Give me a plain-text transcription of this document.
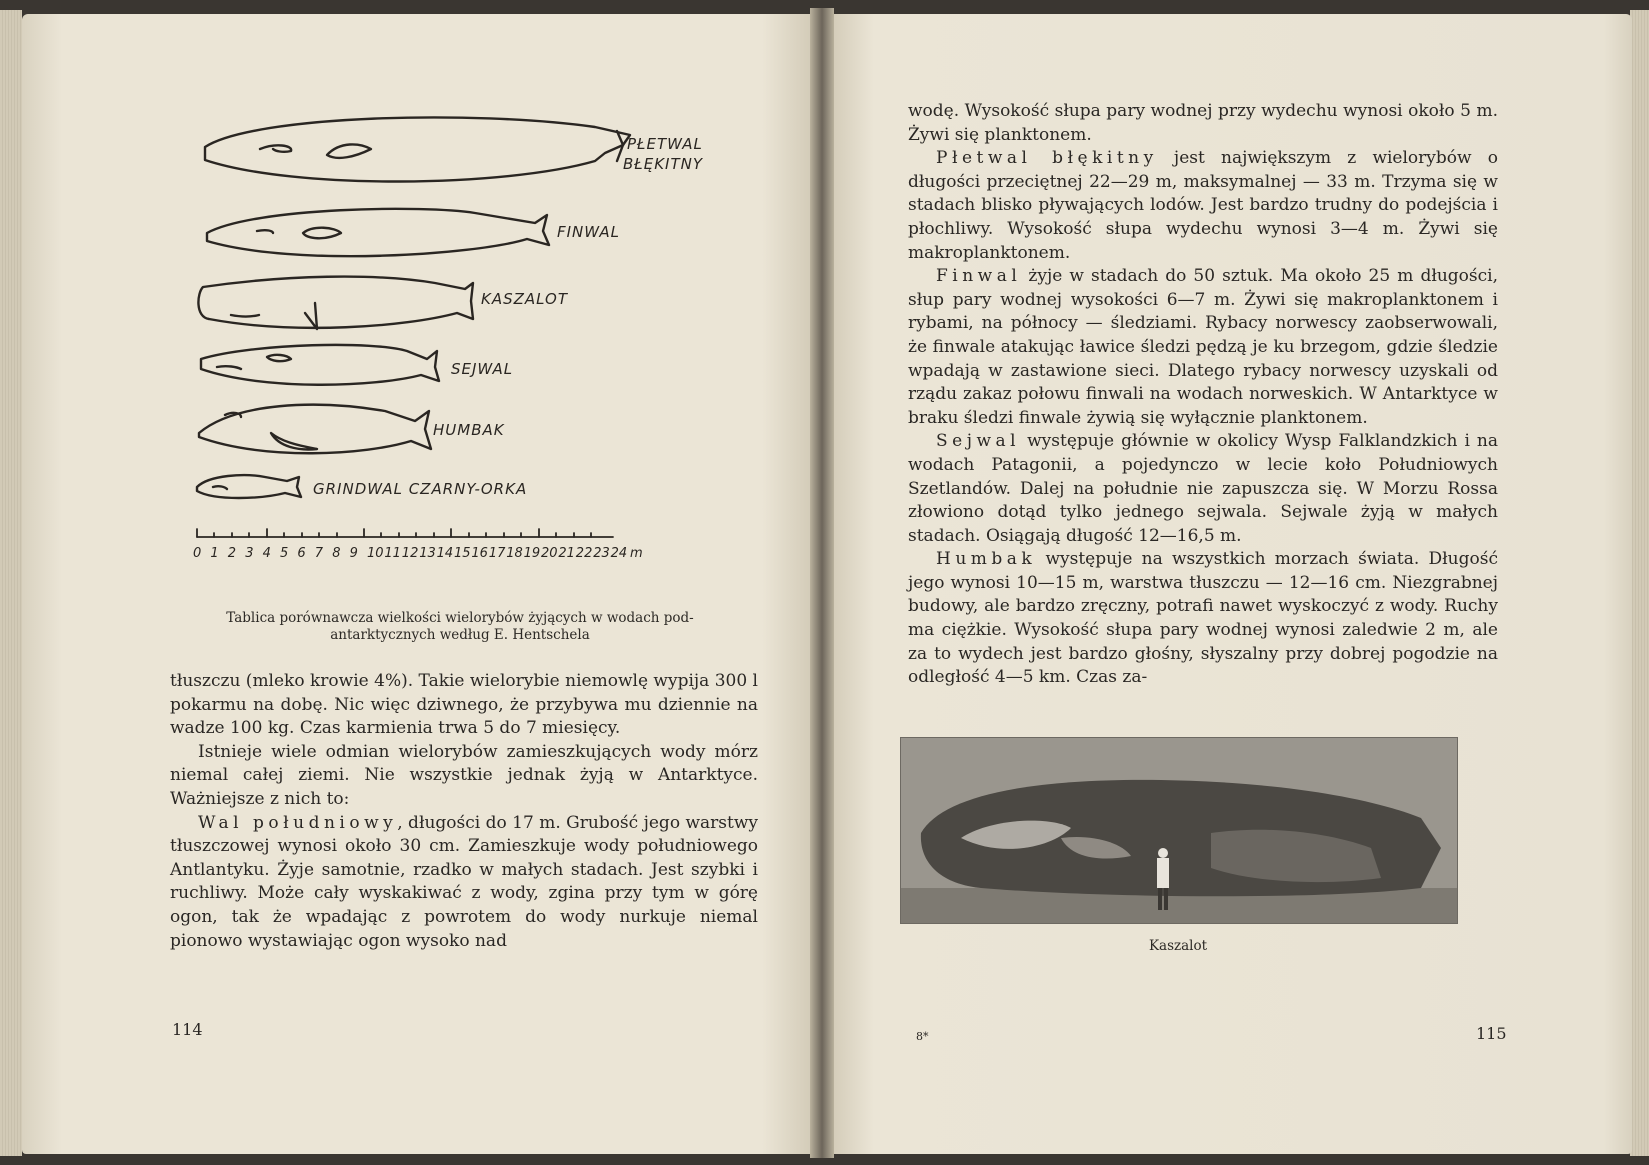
PŁETWAL BŁĘKITNY
FINWAL
KASZALOT
SEJWAL
HUMBAK
GRINDWAL CZARNY-ORKA
0 1 2 3 4 5 6 7 8 9 10 11 12 13 14 15 16 17 18 19 20 21 22 23 24 m
Tablica porównawcza wielkości wielorybów żyjących w wodach pod-
antarktycznych według E. Hentschela

tłuszczu (mleko krowie 4%). Takie wielorybie niemowlę wypija 300 l pokarmu na dobę. Nic więc dziwnego, że przybywa mu dziennie na wadze 100 kg. Czas karmienia trwa 5 do 7 miesięcy.

Istnieje wiele odmian wielorybów zamieszkujących wody mórz niemal całej ziemi. Nie wszystkie jednak żyją w Antarktyce. Ważniejsze z nich to:

Wal południowy, długości do 17 m. Grubość jego warstwy tłuszczowej wynosi około 30 cm. Zamieszkuje wody południowego Antlantyku. Żyje samotnie, rzadko w małych stadach. Jest szybki i ruchliwy. Może cały wyskakiwać z wody, zgina przy tym w górę ogon, tak że wpadając z powrotem do wody nurkuje niemal pionowo wystawiając ogon wysoko nad

114

wodę. Wysokość słupa pary wodnej przy wydechu wynosi około 5 m. Żywi się planktonem.

Płetwal błękitny jest największym z wielorybów o długości przeciętnej 22—29 m, maksymalnej — 33 m. Trzyma się w stadach blisko pływających lodów. Jest bardzo trudny do podejścia i płochliwy. Wysokość słupa wydechu wynosi 3—4 m. Żywi się makroplanktonem.

Finwal żyje w stadach do 50 sztuk. Ma około 25 m długości, słup pary wodnej wysokości 6—7 m. Żywi się makroplanktonem i rybami, na północy — śledziami. Rybacy norwescy zaobserwowali, że finwale atakując ławice śledzi pędzą je ku brzegom, gdzie śledzie wpadają w zastawione sieci. Dlatego rybacy norwescy uzyskali od rządu zakaz połowu finwali na wodach norweskich. W Antarktyce w braku śledzi finwale żywią się wyłącznie planktonem.

Sejwal występuje głównie w okolicy Wysp Falklandzkich i na wodach Patagonii, a pojedynczo w lecie koło Południowych Szetlandów. Dalej na południe nie zapuszcza się. W Morzu Rossa złowiono dotąd tylko jednego sejwala. Sejwale żyją w małych stadach. Osiągają długość 12—16,5 m.

Humbak występuje na wszystkich morzach świata. Długość jego wynosi 10—15 m, warstwa tłuszczu — 12—16 cm. Niezgrabnej budowy, ale bardzo zręczny, potrafi nawet wyskoczyć z wody. Ruchy ma ciężkie. Wysokość słupa pary wodnej wynosi zaledwie 2 m, ale za to wydech jest bardzo głośny, słyszalny przy dobrej pogodzie na odległość 4—5 km. Czas za-

Kaszalot
8*	115
